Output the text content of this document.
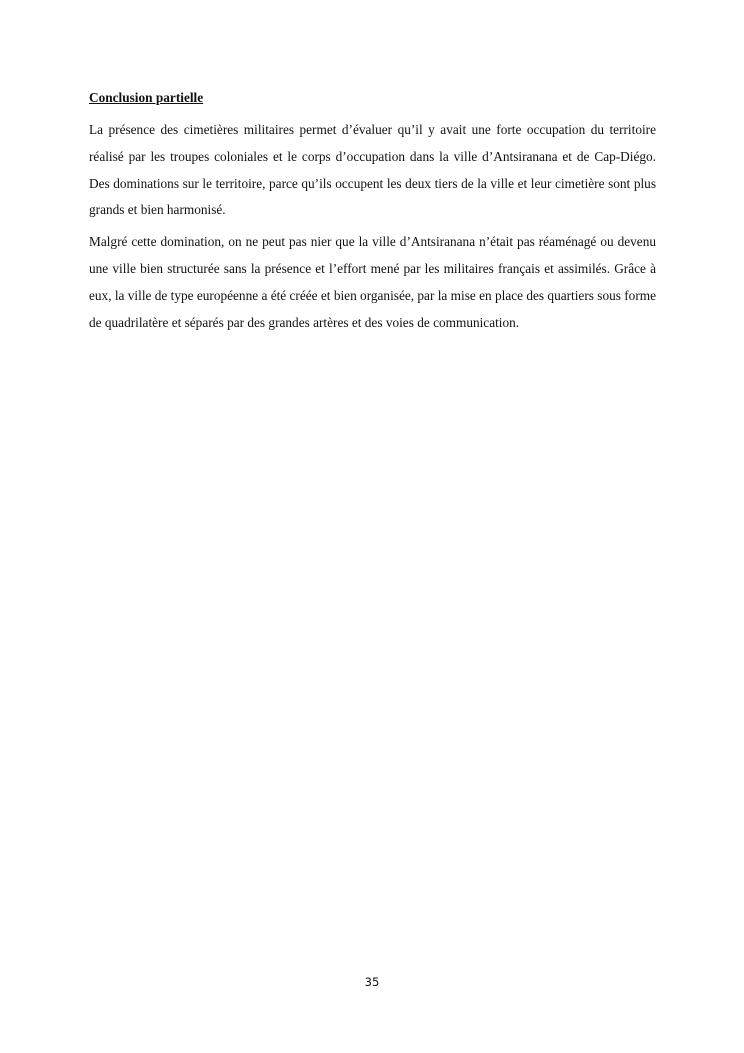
Conclusion partielle

La présence des cimetières militaires permet d’évaluer qu’il y avait une forte occupation du territoire réalisé par les troupes coloniales et le corps d’occupation dans la ville d’Antsiranana et de Cap-Diégo. Des dominations sur le territoire, parce qu’ils occupent les deux tiers de la ville et leur cimetière sont plus grands et bien harmonisé.

Malgré cette domination, on ne peut pas nier que la ville d’Antsiranana n’était pas réaménagé ou devenu une ville bien structurée sans la présence et l’effort mené par les militaires français et assimilés. Grâce à eux, la ville de type européenne a été créée et bien organisée, par la mise en place des quartiers sous forme de quadrilatère et séparés par des grandes artères et des voies de communication.

35
